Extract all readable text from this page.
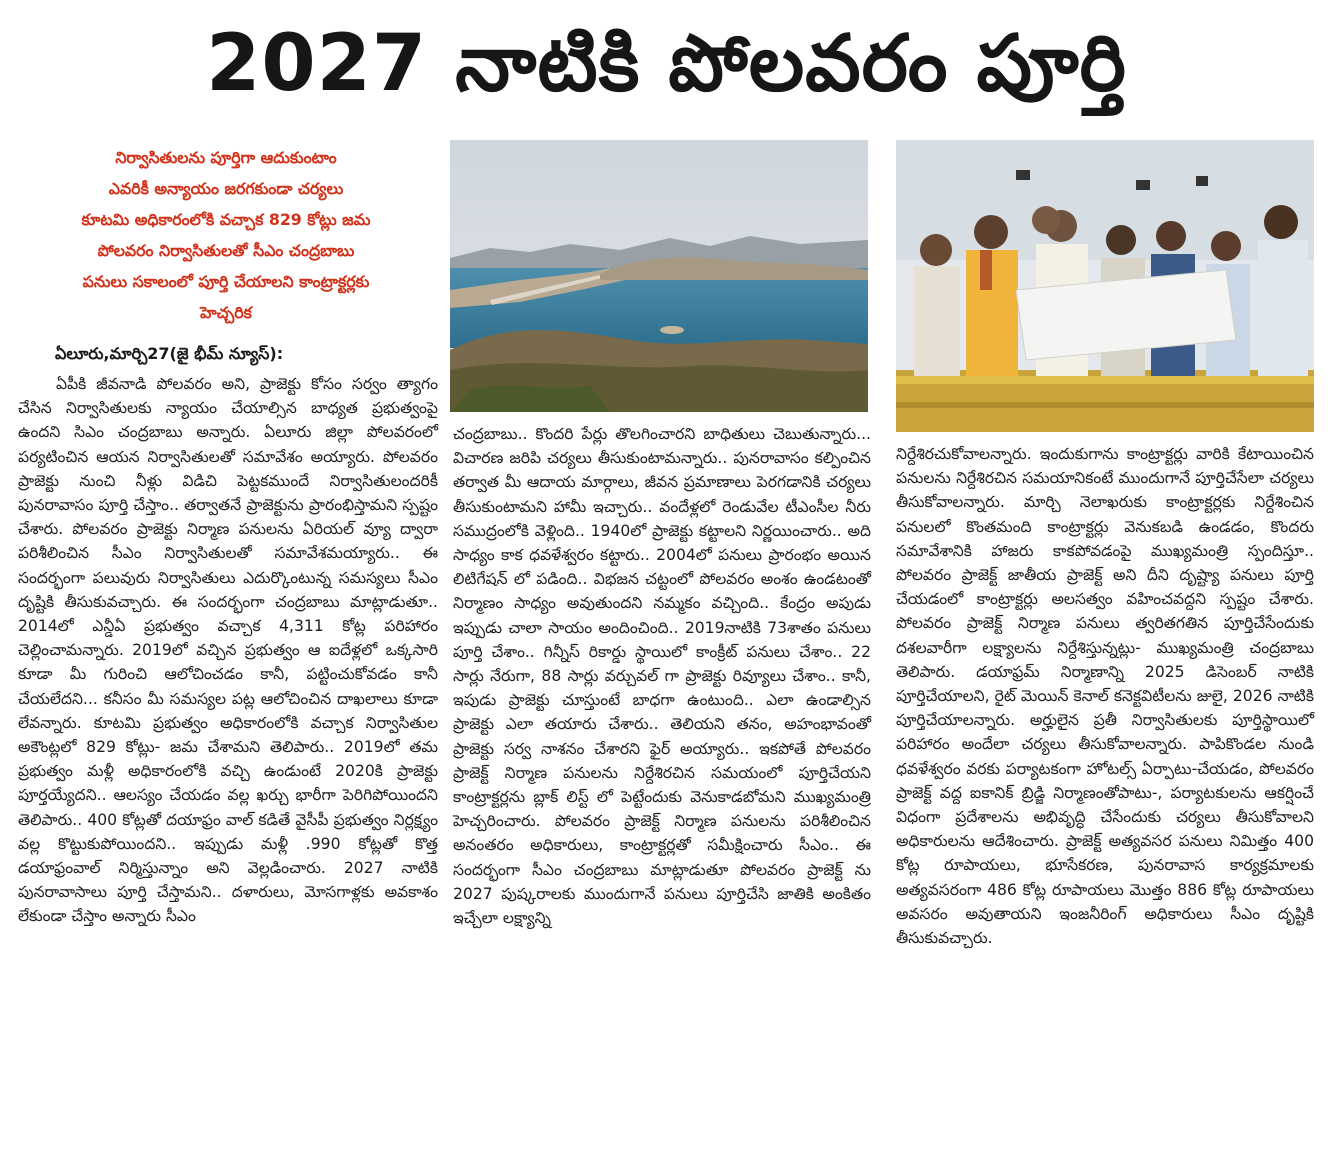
2027 నాటికి పోలవరం పూర్తి
నిర్వాసితులను పూర్తిగా ఆదుకుంటాం
ఎవరికీ అన్యాయం జరగకుండా చర్యలు
కూటమి అధికారంలోకి వచ్చాక 829 కోట్లు జమ
పోలవరం నిర్వాసితులతో సీఎం చంద్రబాబు
పనులు సకాలంలో పూర్తి చేయాలని కాంట్రాక్టర్లకు
హెచ్చరిక
ఏలూరు,మార్చి27(జై భీమ్ న్యూస్):

ఏపీకి జీవనాడి పోలవరం అని, ప్రాజెక్టు కోసం సర్వం త్యాగం చేసిన నిర్వాసితులకు న్యాయం చేయాల్సిన బాధ్యత ప్రభుత్వంపై ఉందని సిఎం చంద్రబాబు అన్నారు. ఏలూరు జిల్లా పోలవరంలో పర్యటించిన ఆయన నిర్వాసితులతో సమావేశం అయ్యారు. పోలవరం ప్రాజెక్టు నుంచి నీళ్లు విడిచి పెట్టకముందే నిర్వాసితులందరికీ పునరావాసం పూర్తి చేస్తాం.. తర్వాతనే ప్రాజెక్టును ప్రారంభిస్తామని స్పష్టం చేశారు. పోలవరం ప్రాజెక్టు నిర్మాణ పనులను ఏరియల్ వ్యూ ద్వారా పరిశీలించిన సీఎం నిర్వాసితులతో సమావేశమయ్యారు.. ఈ సందర్భంగా పలువురు నిర్వాసితులు ఎదుర్కొంటున్న సమస్యలు సీఎం దృష్టికి తీసుకువచ్చారు. ఈ సందర్భంగా చంద్రబాబు మాట్లాడుతూ.. 2014లో ఎన్డీఏ ప్రభుత్వం వచ్చాక 4,311 కోట్ల పరిహారం చెల్లించామన్నారు. 2019లో వచ్చిన ప్రభుత్వం ఆ ఐదేళ్లలో ఒక్కసారి కూడా మీ గురించి ఆలోచించడం కానీ, పట్టించుకోవడం కానీ చేయలేదని... కనీసం మీ సమస్యల పట్ల ఆలోచించిన దాఖలాలు కూడా లేవన్నారు. కూటమి ప్రభుత్వం అధికారంలోకి వచ్చాక నిర్వాసితుల అకౌంట్లలో 829 కోట్లు- జమ చేశామని తెలిపారు.. 2019లో తమ ప్రభుత్వం మళ్లీ అధికారంలోకి వచ్చి ఉండుంటే 2020కి ప్రాజెక్టు పూర్తయ్యేదని.. ఆలస్యం చేయడం వల్ల ఖర్చు భారీగా పెరిగిపోయిందని తెలిపారు.. 400 కోట్లతో దయాఫ్రం వాల్ కడితే వైసీపీ ప్రభుత్వం నిర్లక్ష్యం వల్ల కొట్టుకుపోయిందని.. ఇప్పుడు మళ్లీ .990 కోట్లతో కొత్త డయాఫ్రంవాల్ నిర్మిస్తున్నాం అని వెల్లడించారు. 2027 నాటికి పునరావాసాలు పూర్తి చేస్తామని.. దళారులు, మోసగాళ్లకు అవకాశం లేకుండా చేస్తాం అన్నారు సీఎం

చంద్రబాబు.. కొందరి పేర్లు తొలగించారని బాధితులు చెబుతున్నారు... విచారణ జరిపి చర్యలు తీసుకుంటామన్నారు.. పునరావాసం కల్పించిన తర్వాత మీ ఆదాయ మార్గాలు, జీవన ప్రమాణాలు పెరగడానికి చర్యలు తీసుకుంటామని హామీ ఇచ్చారు.. వందేళ్లలో రెండువేల టీఎంసీల నీరు సముద్రంలోకి వెళ్లింది.. 1940లో ప్రాజెక్టు కట్టాలని నిర్ణయించారు.. అది సాధ్యం కాక ధవళేశ్వరం కట్టారు.. 2004లో పనులు ప్రారంభం అయిన లిటిగేషన్ లో పడింది.. విభజన చట్టంలో పోలవరం అంశం ఉండటంతో నిర్మాణం సాధ్యం అవుతుందని నమ్మకం వచ్చింది.. కేంద్రం అపుడు ఇప్పుడు చాలా సాయం అందించింది.. 2019నాటికి 73శాతం పనులు పూర్తి చేశాం.. గిన్నీస్ రికార్డు స్థాయిలో కాంక్రీట్ పనులు చేశాం.. 22 సార్లు నేరుగా, 88 సార్లు వర్చువల్ గా ప్రాజెక్టు రివ్యూలు చేశాం.. కానీ, ఇపుడు ప్రాజెక్టు చూస్తుంటే బాధగా ఉంటుంది.. ఎలా ఉండాల్సిన ప్రాజెక్టు ఎలా తయారు చేశారు.. తెలియని తనం, అహంభావంతో ప్రాజెక్టు సర్వ నాశనం చేశారని ఫైర్ అయ్యారు.. ఇకపోతే పోలవరం ప్రాజెక్ట్ నిర్మాణ పనులను నిర్దేశిరచిన సమయంలో పూర్తిచేయని కాంట్రాక్టర్లను బ్లాక్ లిస్ట్ లో పెట్టేందుకు వెనుకాడబోమని ముఖ్యమంత్రి హెచ్చరించారు. పోలవరం ప్రాజెక్ట్ నిర్మాణ పనులను పరిశీలించిన అనంతరం అధికారులు, కాంట్రాక్టర్లతో సమీక్షించారు సీఎం.. ఈ సందర్భంగా సీఎం చంద్రబాబు మాట్లాడుతూ పోలవరం ప్రాజెక్ట్ ను 2027 పుష్కరాలకు ముందుగానే పనులు పూర్తిచేసి జాతికి అంకితం ఇచ్చేలా లక్ష్యాన్ని

నిర్దేశిరచుకోవాలన్నారు. ఇందుకుగాను కాంట్రాక్టర్లు వారికి కేటాయించిన పనులను నిర్దేశిరచిన సమయానికంటే ముందుగానే పూర్తిచేసేలా చర్యలు తీసుకోవాలన్నారు. మార్చి నెలాఖరుకు కాంట్రాక్టర్లకు నిర్దేశించిన పనులలో కొంతమంది కాంట్రాక్టర్లు వెనుకబడి ఉండడం, కొందరు సమావేశానికి హాజరు కాకపోవడంపై ముఖ్యమంత్రి స్పందిస్తూ.. పోలవరం ప్రాజెక్ట్ జాతీయ ప్రాజెక్ట్ అని దీని దృష్ట్యా పనులు పూర్తి చేయడంలో కాంట్రాక్టర్లు అలసత్వం వహించవద్దని స్పష్టం చేశారు. పోలవరం ప్రాజెక్ట్ నిర్మాణ పనులు త్వరితగతిన పూర్తిచేసేందుకు దశలవారీగా లక్ష్యాలను నిర్దేశిస్తున్నట్లు- ముఖ్యమంత్రి చంద్రబాబు తెలిపారు. డయాఫ్రమ్ నిర్మాణాన్ని 2025 డిసెంబర్ నాటికి పూర్తిచేయాలని, రైట్ మెయిన్ కెనాల్ కనెక్టవిటీలను జులై, 2026 నాటికి పూర్తిచేయాలన్నారు. అర్హులైన ప్రతీ నిర్వాసితులకు పూర్తిస్థాయిలో పరిహారం అందేలా చర్యలు తీసుకోవాలన్నారు. పాపికొండల నుండి ధవళేశ్వరం వరకు పర్యాటకంగా హోటల్స్ ఏర్పాటు-చేయడం, పోలవరం ప్రాజెక్ట్ వద్ద ఐకానిక్ బ్రిడ్జి నిర్మాణంతోపాటు-, పర్యాటకులను ఆకర్షించే విధంగా ప్రదేశాలను అభివృద్ధి చేసేందుకు చర్యలు తీసుకోవాలని అధికారులను ఆదేశించారు. ప్రాజెక్ట్ అత్యవసర పనులు నిమిత్తం 400 కోట్ల రూపాయలు, భూసేకరణ, పునరావాస కార్యక్రమాలకు అత్యవసరంగా 486 కోట్ల రూపాయలు మొత్తం 886 కోట్ల రూపాయలు అవసరం అవుతాయని ఇంజనీరింగ్ అధికారులు సీఎం దృష్టికి తీసుకువచ్చారు.
